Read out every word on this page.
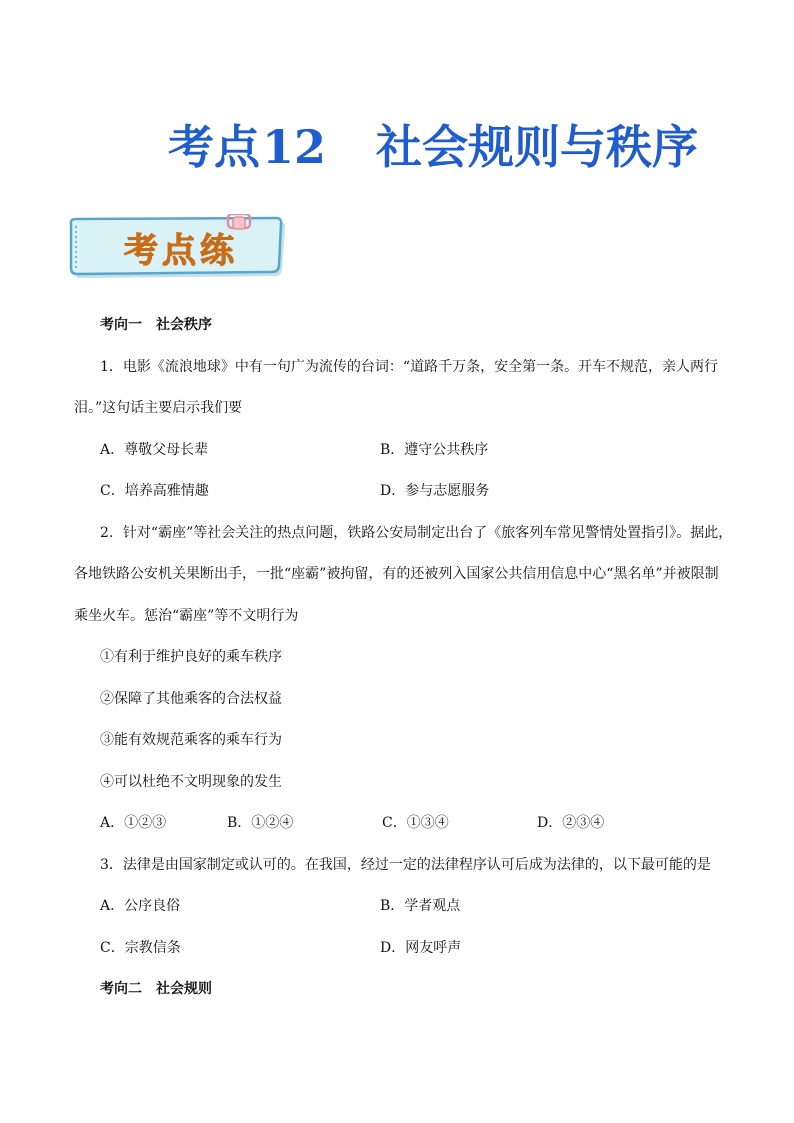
考点12 社会规则与秩序
考点练
考向一　社会秩序
1．电影《流浪地球》中有一句广为流传的台词：“道路千万条，安全第一条。开车不规范，亲人两行
泪。”这句话主要启示我们要
A．尊敬父母长辈	B．遵守公共秩序
C．培养高雅情趣	D．参与志愿服务
2．针对“霸座”等社会关注的热点问题，铁路公安局制定出台了《旅客列车常见警情处置指引》。据此，
各地铁路公安机关果断出手，一批“座霸”被拘留，有的还被列入国家公共信用信息中心“黑名单”并被限制
乘坐火车。惩治“霸座”等不文明行为
①有利于维护良好的乘车秩序
②保障了其他乘客的合法权益
③能有效规范乘客的乘车行为
④可以杜绝不文明现象的发生
A．①②③	B．①②④	C．①③④	D．②③④
3．法律是由国家制定或认可的。在我国，经过一定的法律程序认可后成为法律的，以下最可能的是
A．公序良俗	B．学者观点
C．宗教信条	D．网友呼声
考向二　社会规则
